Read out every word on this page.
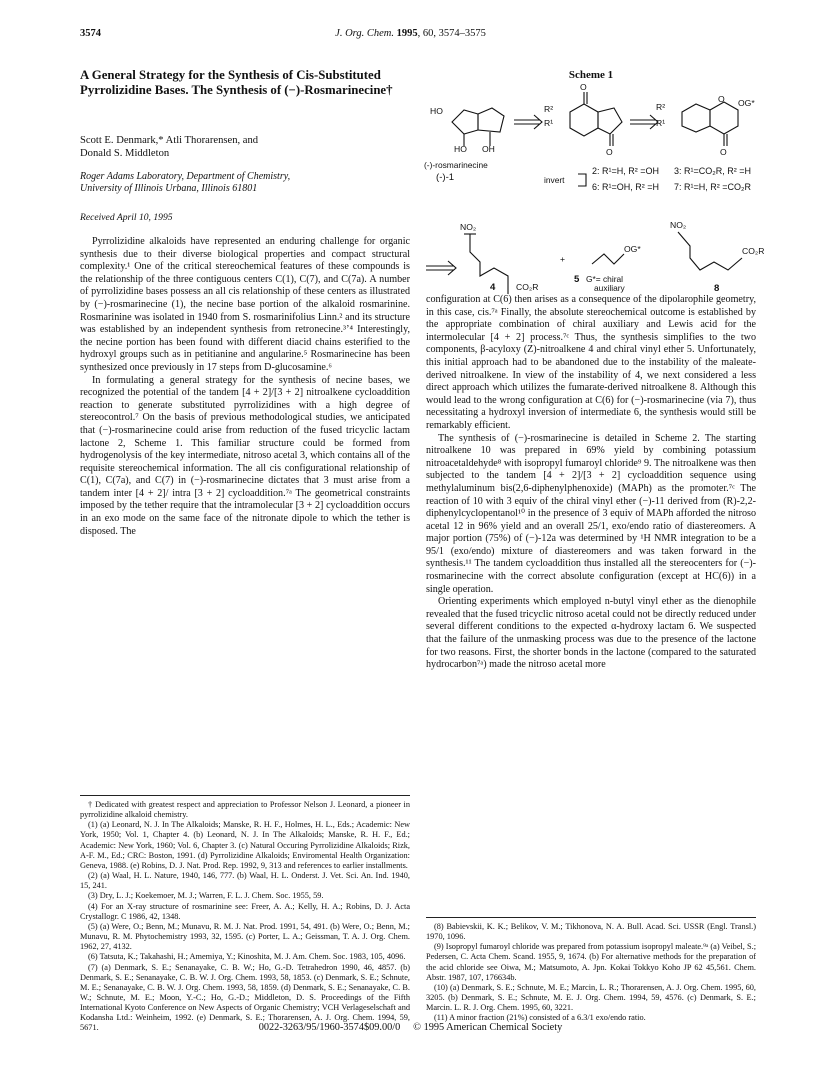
3574	J. Org. Chem. 1995, 60, 3574–3575
A General Strategy for the Synthesis of Cis-Substituted Pyrrolizidine Bases. The Synthesis of (−)-Rosmarinecine†
Scott E. Denmark,* Atli Thorarensen, and
Donald S. Middleton
Roger Adams Laboratory, Department of Chemistry,
University of Illinois Urbana, Illinois 61801
Received April 10, 1995

Pyrrolizidine alkaloids have represented an enduring challenge for organic synthesis due to their diverse biological properties and compact structural complexity.¹ One of the critical stereochemical features of these compounds is the relationship of the three contiguous centers C(1), C(7), and C(7a). A number of pyrrolizidine bases possess an all cis relationship of these centers as illustrated by (−)-rosmarinecine (1), the necine base portion of the alkaloid rosmarinine. Rosmarinine was isolated in 1940 from S. rosmarinifolius Linn.² and its structure was established by an independent synthesis from retronecine.³ʼ⁴ Interestingly, the necine portion has been found with different diacid chains esterified to the hydroxyl groups such as in petitianine and angularine.⁵ Rosmarinecine has been synthesized once previously in 17 steps from D-glucosamine.⁶

In formulating a general strategy for the synthesis of necine bases, we recognized the potential of the tandem [4 + 2]/[3 + 2] nitroalkene cycloaddition reaction to generate substituted pyrrolizidines with a high degree of stereocontrol.⁷ On the basis of previous methodological studies, we anticipated that (−)-rosmarinecine could arise from reduction of the fused tricyclic lactam lactone 2, Scheme 1. This familiar structure could be formed from hydrogenolysis of the key intermediate, nitroso acetal 3, which contains all of the requisite stereochemical information. The all cis configurational relationship of C(1), C(7a), and C(7) in (−)-rosmarinecine dictates that 3 must arise from a tandem inter [4 + 2]/ intra [3 + 2] cycloaddition.⁷ᵃ The geometrical constraints imposed by the tether require that the intramolecular [3 + 2] cycloaddition occurs in an exo mode on the same face of the nitronate dipole to which the tether is disposed. The

† Dedicated with greatest respect and appreciation to Professor Nelson J. Leonard, a pioneer in pyrrolizidine alkaloid chemistry.

(1) (a) Leonard, N. J. In The Alkaloids; Manske, R. H. F., Holmes, H. L., Eds.; Academic: New York, 1950; Vol. 1, Chapter 4. (b) Leonard, N. J. In The Alkaloids; Manske, R. H. F., Ed.; Academic: New York, 1960; Vol. 6, Chapter 3. (c) Natural Occuring Pyrrolizidine Alkaloids; Rizk, A-F. M., Ed.; CRC: Boston, 1991. (d) Pyrrolizidine Alkaloids; Enviromental Health Organization: Geneva, 1988. (e) Robins, D. J. Nat. Prod. Rep. 1992, 9, 313 and references to earlier installments.

(2) (a) Waal, H. L. Nature, 1940, 146, 777. (b) Waal, H. L. Onderst. J. Vet. Sci. An. Ind. 1940, 15, 241.

(3) Dry, L. J.; Koekemoer, M. J.; Warren, F. L. J. Chem. Soc. 1955, 59.

(4) For an X-ray structure of rosmarinine see: Freer, A. A.; Kelly, H. A.; Robins, D. J. Acta Crystallogr. C 1986, 42, 1348.

(5) (a) Were, O.; Benn, M.; Munavu, R. M. J. Nat. Prod. 1991, 54, 491. (b) Were, O.; Benn, M.; Munavu, R. M. Phytochemistry 1993, 32, 1595. (c) Porter, L. A.; Geissman, T. A. J. Org. Chem. 1962, 27, 4132.

(6) Tatsuta, K.; Takahashi, H.; Amemiya, Y.; Kinoshita, M. J. Am. Chem. Soc. 1983, 105, 4096.

(7) (a) Denmark, S. E.; Senanayake, C. B. W.; Ho, G.-D. Tetrahedron 1990, 46, 4857. (b) Denmark, S. E.; Senanayake, C. B. W. J. Org. Chem. 1993, 58, 1853. (c) Denmark, S. E.; Schnute, M. E.; Senanayake, C. B. W. J. Org. Chem. 1993, 58, 1859. (d) Denmark, S. E.; Senanayake, C. B. W.; Schnute, M. E.; Moon, Y.-C.; Ho, G.-D.; Middleton, D. S. Proceedings of the Fifth International Kyoto Conference on New Aspects of Organic Chemistry; VCH Verlageselschaft and Kodansha Ltd.: Weinheim, 1992. (e) Denmark, S. E.; Thorarensen, A. J. Org. Chem. 1994, 59, 5671.

Scheme 1
HO
HO OH
R²
R¹
O
O
R²
R¹
O OG*
O
NO₂
CO₂R
+
OG*
NO₂
CO₂R
(-)-rosmarinecine
(-)-1	invert
2: R¹=H, R² =OH
6: R¹=OH, R² =H
3: R¹=CO₂R, R² =H
7: R¹=H, R² =CO₂R
4
5 G*= chiral
auxiliary	8

configuration at C(6) then arises as a consequence of the dipolarophile geometry, in this case, cis.⁷ᵃ Finally, the absolute stereochemical outcome is established by the appropriate combination of chiral auxiliary and Lewis acid for the intermolecular [4 + 2] process.⁷ᶜ Thus, the synthesis simplifies to the two components, β-acyloxy (Z)-nitroalkene 4 and chiral vinyl ether 5. Unfortunately, this initial approach had to be abandoned due to the instability of the maleate-derived nitroalkene. In view of the instability of 4, we next considered a less direct approach which utilizes the fumarate-derived nitroalkene 8. Although this would lead to the wrong configuration at C(6) for (−)-rosmarinecine (via 7), thus necessitating a hydroxyl inversion of intermediate 6, the synthesis would still be remarkably efficient.

The synthesis of (−)-rosmarinecine is detailed in Scheme 2. The starting nitroalkene 10 was prepared in 69% yield by combining potassium nitroacetaldehyde⁸ with isopropyl fumaroyl chloride⁹ 9. The nitroalkene was then subjected to the tandem [4 + 2]/[3 + 2] cycloaddition sequence using methylaluminum bis(2,6-diphenylphenoxide) (MAPh) as the promoter.⁷ᶜ The reaction of 10 with 3 equiv of the chiral vinyl ether (−)-11 derived from (R)-2,2-diphenylcyclopentanol¹⁰ in the presence of 3 equiv of MAPh afforded the nitroso acetal 12 in 96% yield and an overall 25/1, exo/endo ratio of diastereomers. A major portion (75%) of (−)-12a was determined by ¹H NMR integration to be a 95/1 (exo/endo) mixture of diastereomers and was taken forward in the synthesis.¹¹ The tandem cycloaddition thus installed all the stereocenters for (−)-rosmarinecine with the correct absolute configuration (except at HC(6)) in a single operation.

Orienting experiments which employed n-butyl vinyl ether as the dienophile revealed that the fused tricyclic nitroso acetal could not be directly reduced under several different conditions to the expected α-hydroxy lactam 6. We suspected that the failure of the unmasking process was due to the presence of the lactone for two reasons. First, the shorter bonds in the lactone (compared to the saturated hydrocarbon⁷ᵃ) made the nitroso acetal more

(8) Babievskii, K. K.; Belikov, V. M.; Tikhonova, N. A. Bull. Acad. Sci. USSR (Engl. Transl.) 1970, 1096.

(9) Isopropyl fumaroyl chloride was prepared from potassium isopropyl maleate.⁹ᵃ (a) Veibel, S.; Pedersen, C. Acta Chem. Scand. 1955, 9, 1674. (b) For alternative methods for the preparation of the acid chloride see Oiwa, M.; Matsumoto, A. Jpn. Kokai Tokkyo Koho JP 62 45,561. Chem. Abstr. 1987, 107, 176634b.

(10) (a) Denmark, S. E.; Schnute, M. E.; Marcin, L. R.; Thorarensen, A. J. Org. Chem. 1995, 60, 3205. (b) Denmark, S. E.; Schnute, M. E. J. Org. Chem. 1994, 59, 4576. (c) Denmark, S. E.; Marcin. L. R. J. Org. Chem. 1995, 60, 3221.

(11) A minor fraction (21%) consisted of a 6.3/1 exo/endo ratio.

0022-3263/95/1960-3574$09.00/0 © 1995 American Chemical Society
